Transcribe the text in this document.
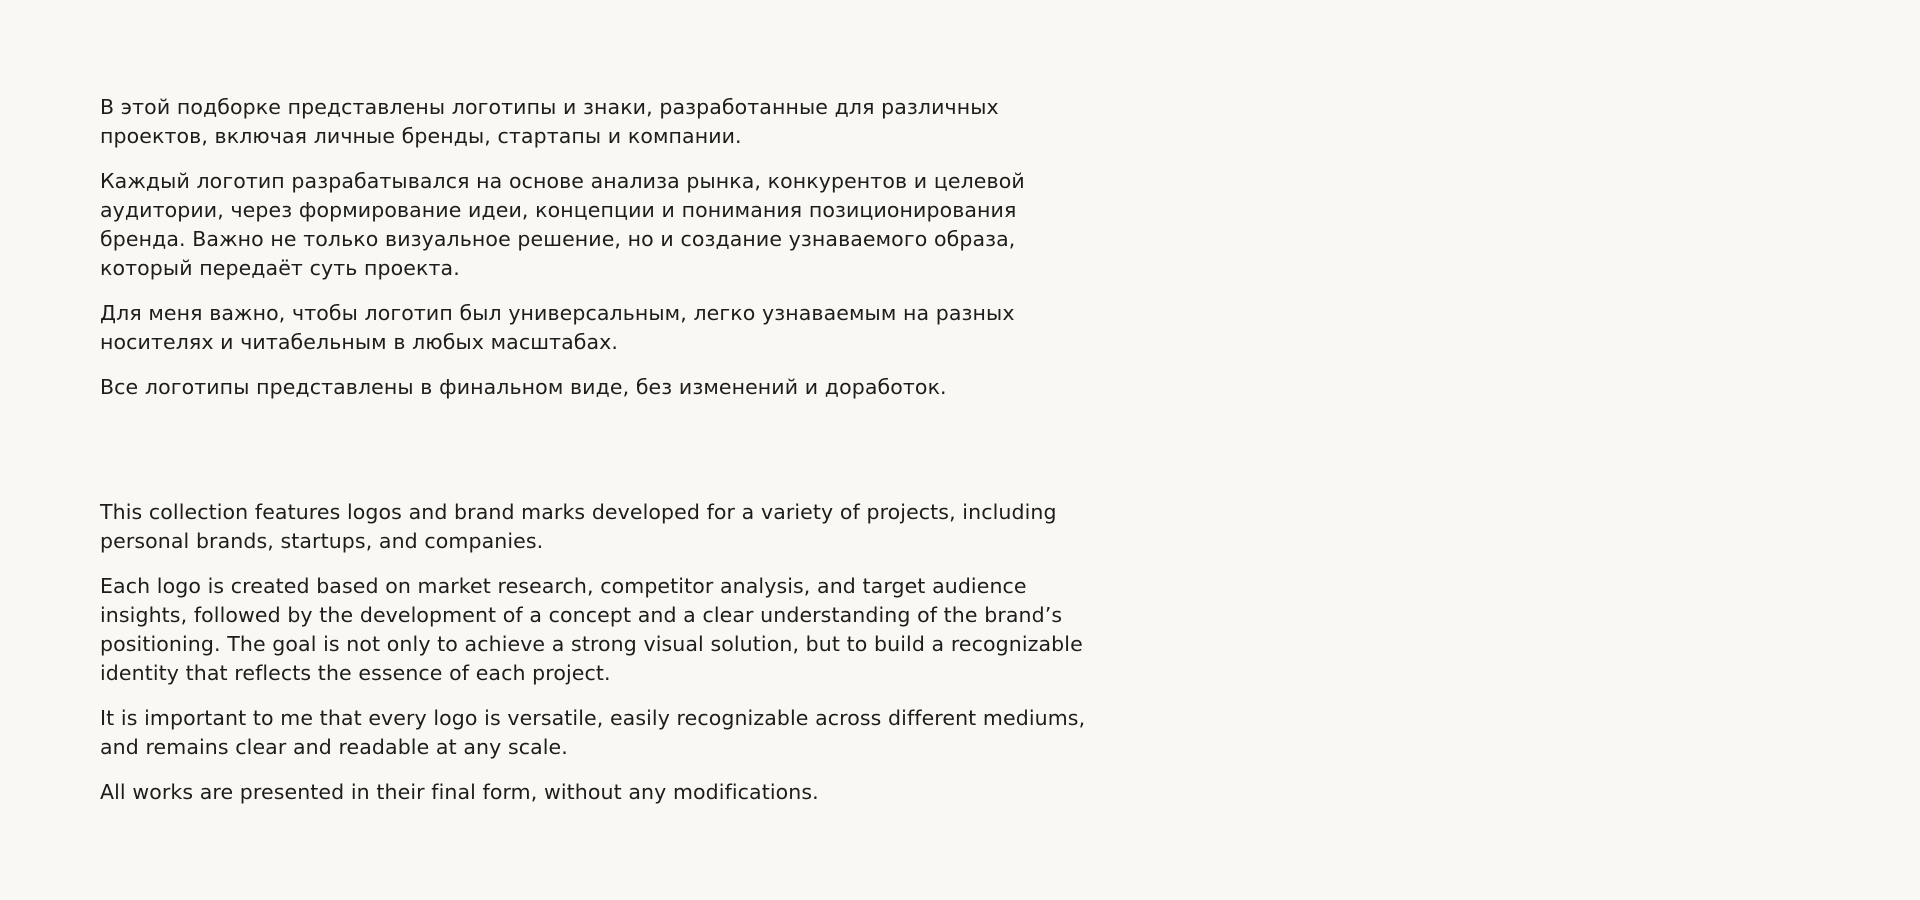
В этой подборке представлены логотипы и знаки, разработанные для различных проектов, включая личные бренды, стартапы и компании.

Каждый логотип разрабатывался на основе анализа рынка, конкурентов и целевой аудитории, через формирование идеи, концепции и понимания позиционирования бренда. Важно не только визуальное решение, но и создание узнаваемого образа, который передаёт суть проекта.

Для меня важно, чтобы логотип был универсальным, легко узнаваемым на разных носителях и читабельным в любых масштабах.

Все логотипы представлены в финальном виде, без изменений и доработок.

This collection features logos and brand marks developed for a variety of projects, including personal brands, startups, and companies.

Each logo is created based on market research, competitor analysis, and target audience insights, followed by the development of a concept and a clear understanding of the brand’s positioning. The goal is not only to achieve a strong visual solution, but to build a recognizable identity that reflects the essence of each project.

It is important to me that every logo is versatile, easily recognizable across different mediums, and remains clear and readable at any scale.

All works are presented in their final form, without any modifications.
